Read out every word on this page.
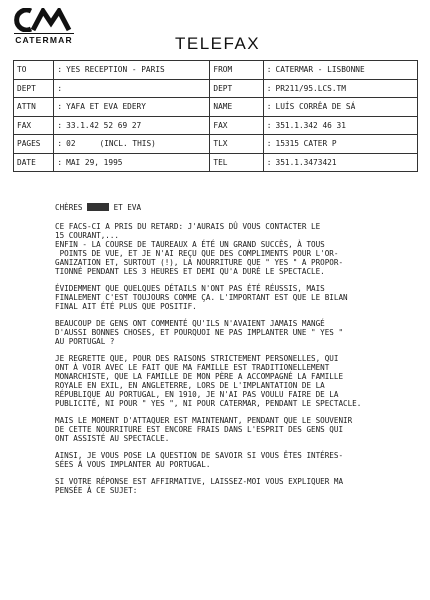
CATERMAR	TELEFAX
TO	: YES RECEPTION - PARIS	FROM	: CATERMAR - LISBONNE
DEPT	:	DEPT	: PR211/95.LCS.TM
ATTN	: YAFA ET EVA EDERY	NAME	: LUÍS CORRÊA DE SÁ
FAX	: 33.1.42 52 69 27	FAX	: 351.1.342 46 31
PAGES	: 02 (INCL. THIS)	TLX	: 15315 CATER P
DATE	: MAI 29, 1995	TEL	: 351.1.3473421

CHÈRES	ET EVA

CE FACS-CI A PRIS DU RETARD: J'AURAIS DÛ VOUS CONTACTER LE
15 COURANT,...
ENFIN - LA COURSE DE TAUREAUX A ÉTÉ UN GRAND SUCCÈS, À TOUS
POINTS DE VUE, ET JE N'AI REÇU QUE DES COMPLIMENTS POUR L'OR-
GANIZATION ET, SURTOUT (!), LA NOURRITURE QUE " YES " A PROPOR-
TIONNÉ PENDANT LES 3 HEURES ET DEMI QU'A DURÉ LE SPECTACLE.

ÉVIDEMMENT QUE QUELQUES DÉTAILS N'ONT PAS ÉTÉ RÉUSSIS, MAIS
FINALEMENT C'EST TOUJOURS COMME ÇA. L'IMPORTANT EST QUE LE BILAN
FINAL AIT ÉTÉ PLUS QUE POSITIF.

BEAUCOUP DE GENS ONT COMMENTÉ QU'ILS N'AVAIENT JAMAIS MANGÉ
D'AUSSI BONNES CHOSES, ET POURQUOI NE PAS IMPLANTER UNE " YES "
AU PORTUGAL ?

JE REGRETTE QUE, POUR DES RAISONS STRICTEMENT PERSONELLES, QUI
ONT À VOIR AVEC LE FAIT QUE MA FAMILLE EST TRADITIONELLEMENT
MONARCHISTE, QUE LA FAMILLE DE MON PÈRE A ACCOMPAGNÉ LA FAMILLE
ROYALE EN EXIL, EN ANGLETERRE, LORS DE L'IMPLANTATION DE LA
RÉPUBLIQUE AU PORTUGAL, EN 1910, JE N'AI PAS VOULU FAIRE DE LA
PUBLICITÉ, NI POUR " YES ", NI POUR CATERMAR, PENDANT LE SPECTACLE.

MAIS LE MOMENT D'ATTAQUER EST MAINTENANT, PENDANT QUE LE SOUVENIR
DE CETTE NOURRITURE EST ENCORE FRAIS DANS L'ESPRIT DES GENS QUI
ONT ASSISTÉ AU SPECTACLE.

AINSI, JE VOUS POSE LA QUESTION DE SAVOIR SI VOUS ÊTES INTÉRES-
SÉES À VOUS IMPLANTER AU PORTUGAL.

SI VOTRE RÉPONSE EST AFFIRMATIVE, LAISSEZ-MOI VOUS EXPLIQUER MA
PENSÉE À CE SUJET:
